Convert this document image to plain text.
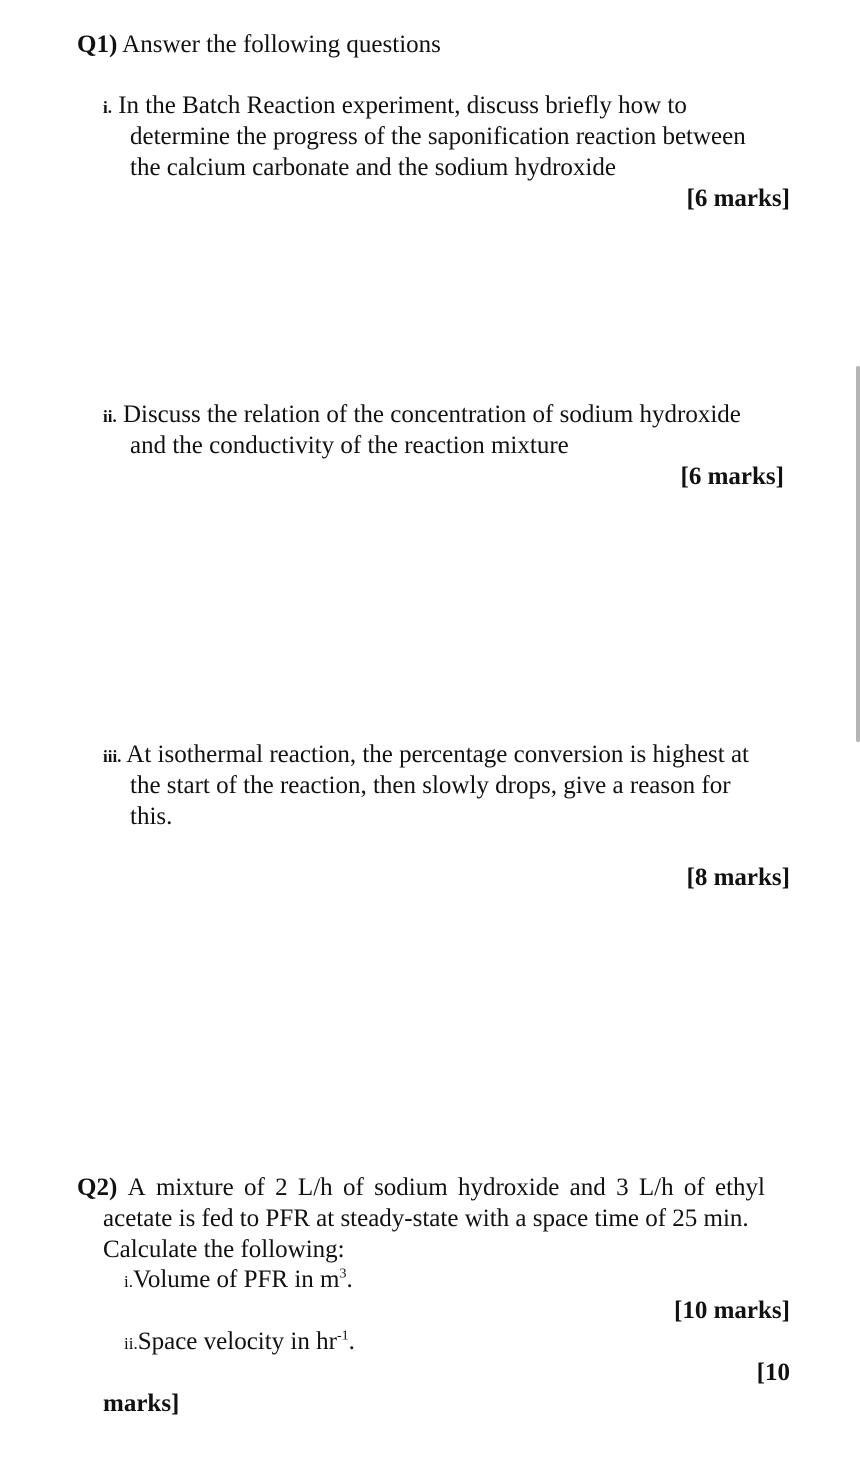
Q1) Answer the following questions
i. In the Batch Reaction experiment, discuss briefly how to
determine the progress of the saponification reaction between
the calcium carbonate and the sodium hydroxide
[6 marks]
ii. Discuss the relation of the concentration of sodium hydroxide
and the conductivity of the reaction mixture
[6 marks]
iii. At isothermal reaction, the percentage conversion is highest at
the start of the reaction, then slowly drops, give a reason for
this.
[8 marks]
Q2) A mixture of 2 L/h of sodium hydroxide and 3 L/h of ethyl
acetate is fed to PFR at steady-state with a space time of 25 min.
Calculate the following:
i.Volume of PFR in $m^3$.
[10 marks]
ii.Space velocity in $hr^{-1}$.
[10
marks]
